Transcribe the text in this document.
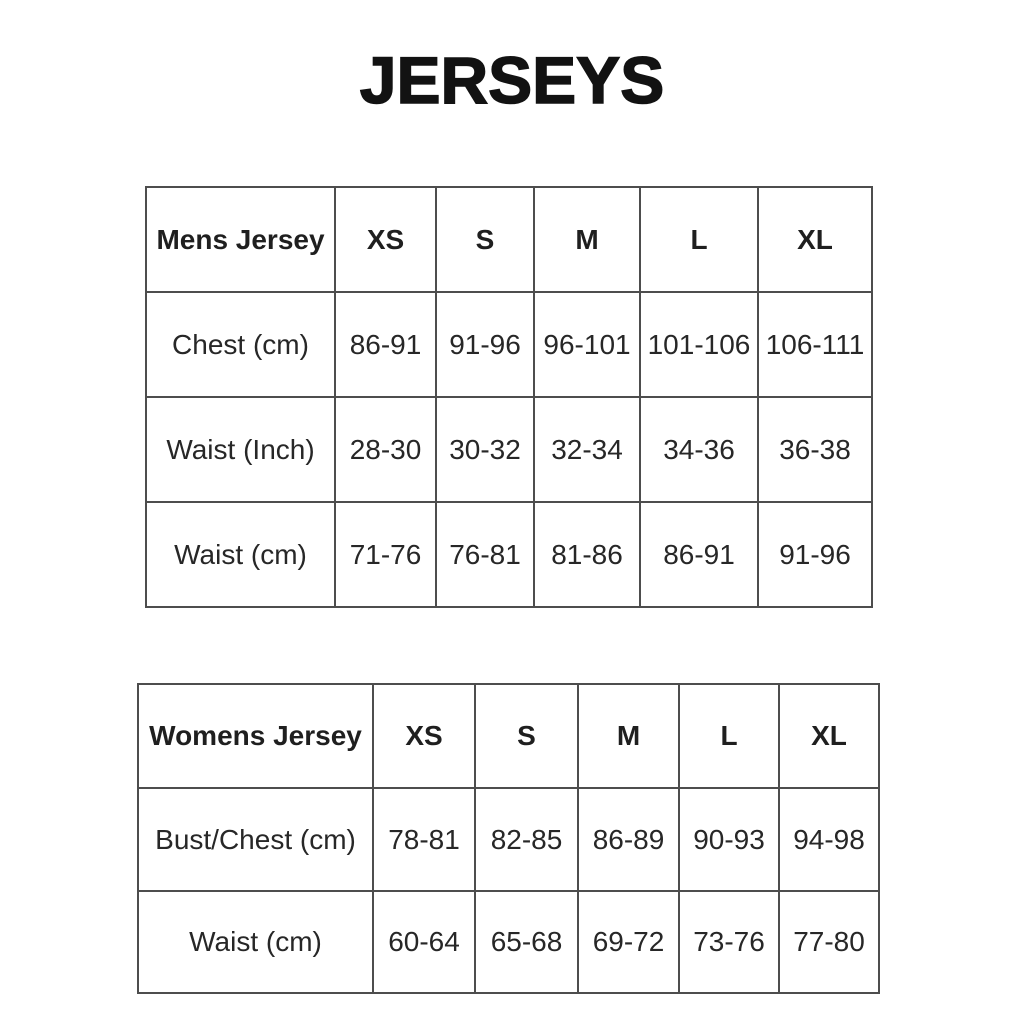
JERSEYS
Mens Jersey	XS	S	M	L	XL
Chest (cm)	86-91	91-96	96-101	101-106	106-111
Waist (Inch)	28-30	30-32	32-34	34-36	36-38
Waist (cm)	71-76	76-81	81-86	86-91	91-96
Womens Jersey	XS	S	M	L	XL
Bust/Chest (cm)	78-81	82-85	86-89	90-93	94-98
Waist (cm)	60-64	65-68	69-72	73-76	77-80
